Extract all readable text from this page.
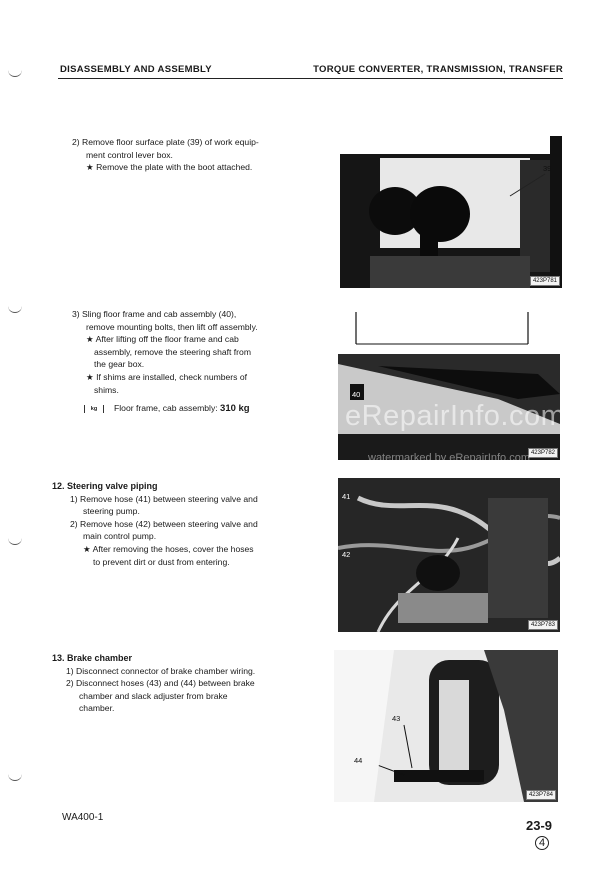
DISASSEMBLY AND ASSEMBLY	TORQUE CONVERTER, TRANSMISSION, TRANSFER
2) Remove floor surface plate (39) of work equip-
ment control lever box.
★ Remove the plate with the boot attached.
3) Sling floor frame and cab assembly (40),
remove mounting bolts, then lift off assembly.
★ After lifting off the floor frame and cab
assembly, remove the steering shaft from
the gear box.
★ If shims are installed, check numbers of
shims.
kg Floor frame, cab assembly: 310 kg
12. Steering valve piping
1) Remove hose (41) between steering valve and
steering pump.
2) Remove hose (42) between steering valve and
main control pump.
★ After removing the hoses, cover the hoses
to prevent dirt or dust from entering.
13. Brake chamber
1) Disconnect connector of brake chamber wiring.
2) Disconnect hoses (43) and (44) between brake
chamber and slack adjuster from brake
chamber.
39
423P781
40
423P782
42
41
423P783
43
44
423P784
eRepairInfo.com
watermarked by eRepairInfo.com
WA400-1
23-9
4
